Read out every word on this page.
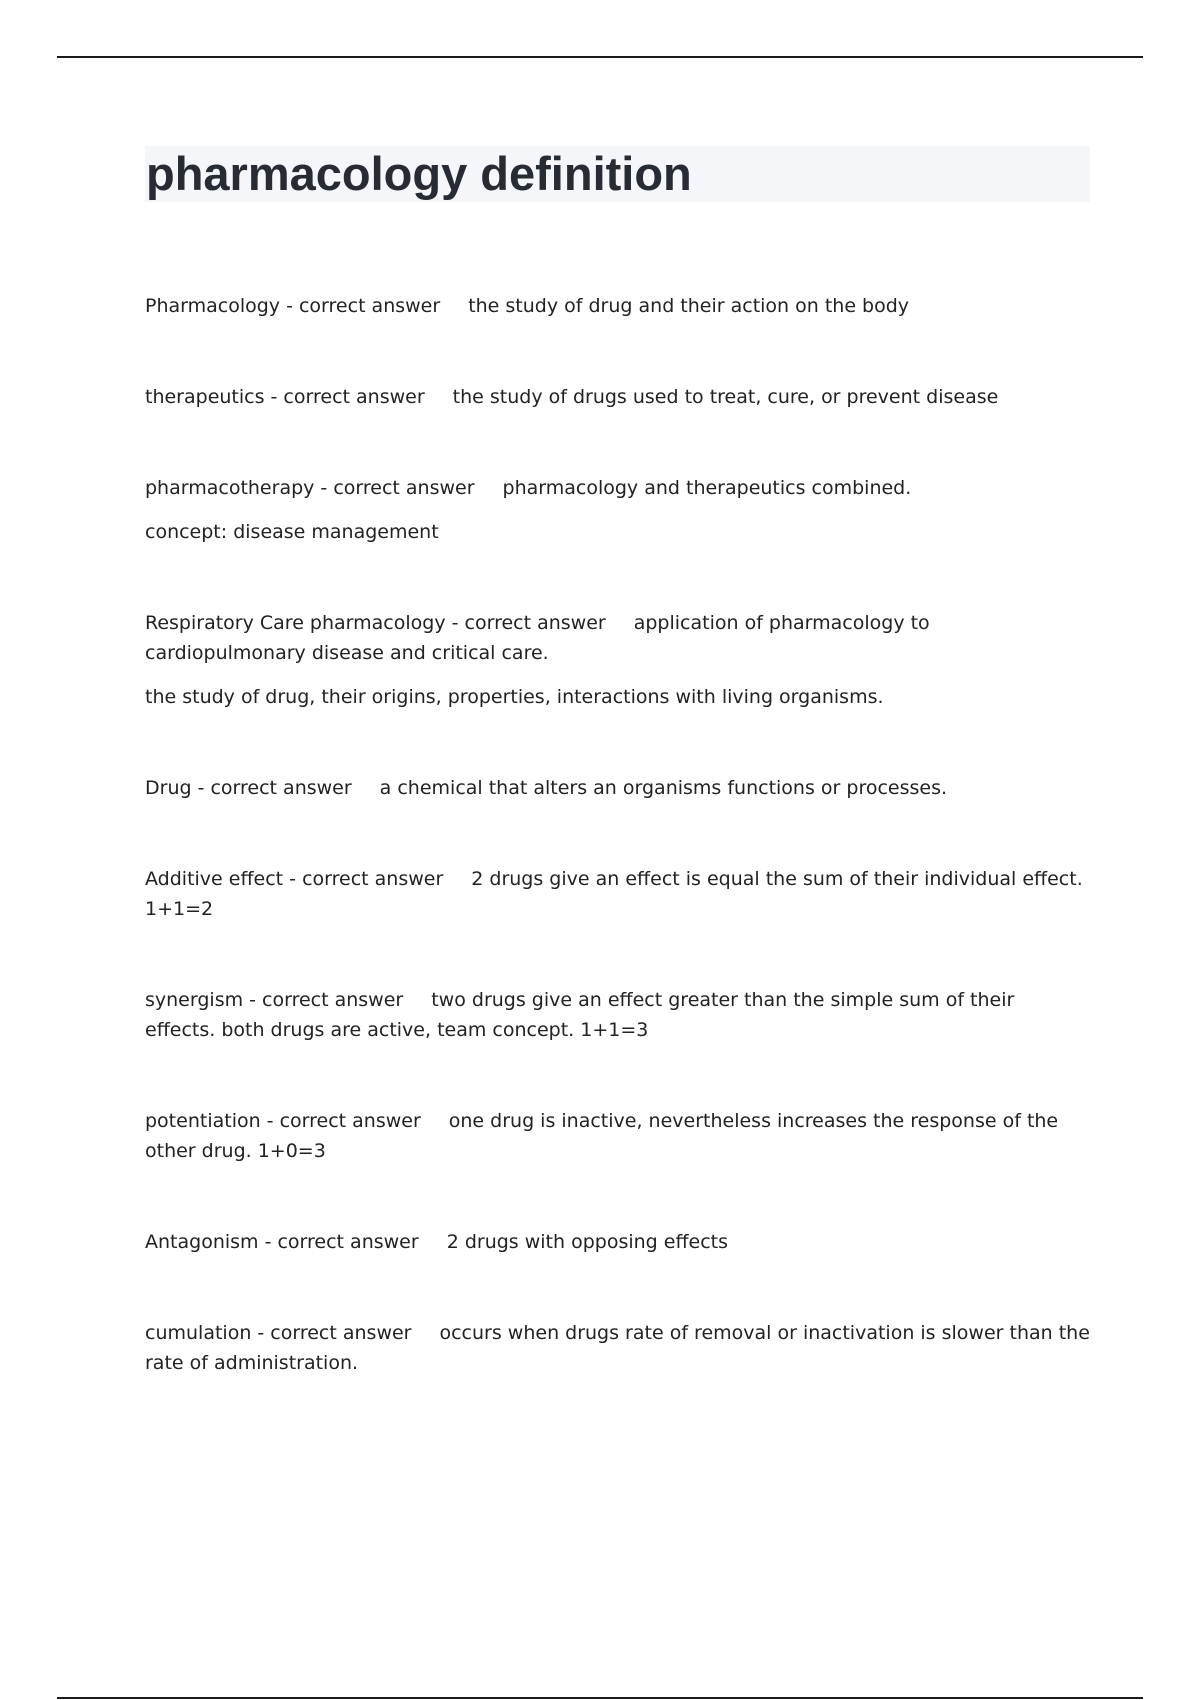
pharmacology definition

Pharmacology - correct answer the study of drug and their action on the body

therapeutics - correct answer the study of drugs used to treat, cure, or prevent disease

pharmacotherapy - correct answer pharmacology and therapeutics combined.

concept: disease management

Respiratory Care pharmacology - correct answer application of pharmacology to cardiopulmonary disease and critical care.

the study of drug, their origins, properties, interactions with living organisms.

Drug - correct answer a chemical that alters an organisms functions or processes.

Additive effect - correct answer 2 drugs give an effect is equal the sum of their individual effect. 1+1=2

synergism - correct answer two drugs give an effect greater than the simple sum of their effects. both drugs are active, team concept. 1+1=3

potentiation - correct answer one drug is inactive, nevertheless increases the response of the other drug. 1+0=3

Antagonism - correct answer 2 drugs with opposing effects

cumulation - correct answer occurs when drugs rate of removal or inactivation is slower than the rate of administration.
